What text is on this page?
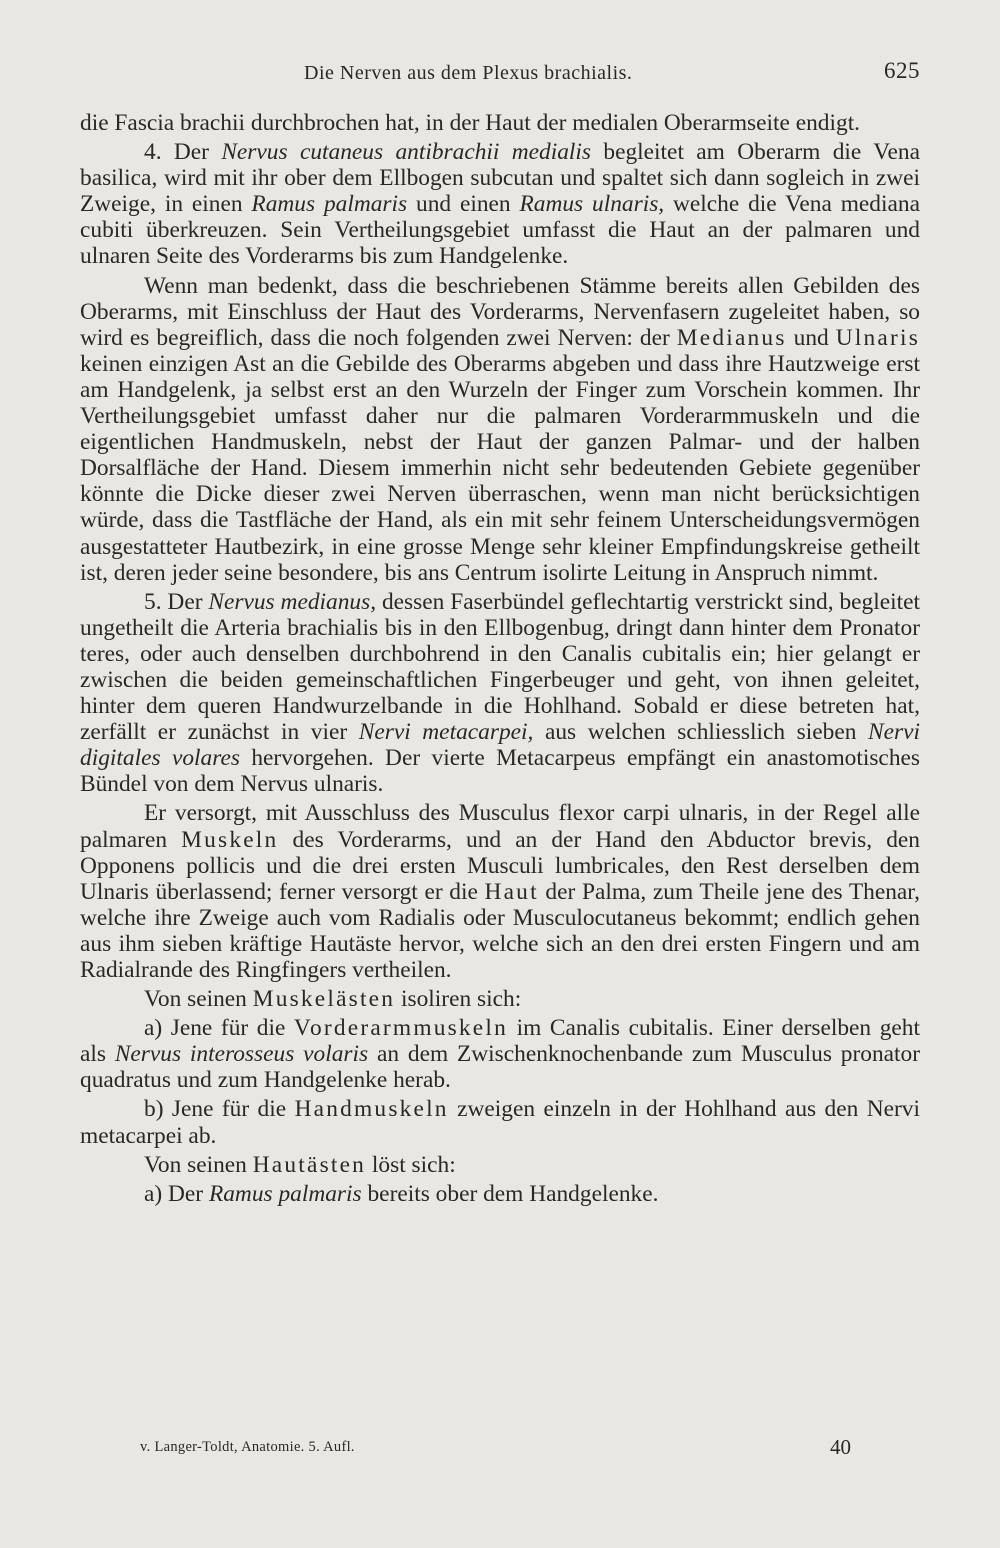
Die Nerven aus dem Plexus brachialis.	625

die Fascia brachii durchbrochen hat, in der Haut der medialen Oberarmseite endigt.

4. Der Nervus cutaneus antibrachii medialis begleitet am Oberarm die Vena basilica, wird mit ihr ober dem Ellbogen subcutan und spaltet sich dann sogleich in zwei Zweige, in einen Ramus palmaris und einen Ramus ulnaris, welche die Vena mediana cubiti überkreuzen. Sein Vertheilungsgebiet umfasst die Haut an der palmaren und ulnaren Seite des Vorderarms bis zum Handgelenke.

Wenn man bedenkt, dass die beschriebenen Stämme bereits allen Gebilden des Oberarms, mit Einschluss der Haut des Vorderarms, Nervenfasern zugeleitet haben, so wird es begreiflich, dass die noch folgenden zwei Nerven: der Medianus und Ulnaris keinen einzigen Ast an die Gebilde des Oberarms abgeben und dass ihre Hautzweige erst am Handgelenk, ja selbst erst an den Wurzeln der Finger zum Vorschein kommen. Ihr Vertheilungsgebiet umfasst daher nur die palmaren Vorderarmmuskeln und die eigentlichen Handmuskeln, nebst der Haut der ganzen Palmar- und der halben Dorsalfläche der Hand. Diesem immerhin nicht sehr bedeutenden Gebiete gegenüber könnte die Dicke dieser zwei Nerven überraschen, wenn man nicht berücksichtigen würde, dass die Tastfläche der Hand, als ein mit sehr feinem Unterscheidungsvermögen ausgestatteter Hautbezirk, in eine grosse Menge sehr kleiner Empfindungskreise getheilt ist, deren jeder seine besondere, bis ans Centrum isolirte Leitung in Anspruch nimmt.

5. Der Nervus medianus, dessen Faserbündel geflechtartig verstrickt sind, begleitet ungetheilt die Arteria brachialis bis in den Ellbogenbug, dringt dann hinter dem Pronator teres, oder auch denselben durchbohrend in den Canalis cubitalis ein; hier gelangt er zwischen die beiden gemeinschaftlichen Fingerbeuger und geht, von ihnen geleitet, hinter dem queren Handwurzelbande in die Hohlhand. Sobald er diese betreten hat, zerfällt er zunächst in vier Nervi metacarpei, aus welchen schliesslich sieben Nervi digitales volares hervorgehen. Der vierte Metacarpeus empfängt ein anastomotisches Bündel von dem Nervus ulnaris.

Er versorgt, mit Ausschluss des Musculus flexor carpi ulnaris, in der Regel alle palmaren Muskeln des Vorderarms, und an der Hand den Abductor brevis, den Opponens pollicis und die drei ersten Musculi lumbricales, den Rest derselben dem Ulnaris überlassend; ferner versorgt er die Haut der Palma, zum Theile jene des Thenar, welche ihre Zweige auch vom Radialis oder Musculocutaneus bekommt; endlich gehen aus ihm sieben kräftige Hautäste hervor, welche sich an den drei ersten Fingern und am Radialrande des Ringfingers vertheilen.

Von seinen Muskelästen isoliren sich:

a) Jene für die Vorderarmmuskeln im Canalis cubitalis. Einer derselben geht als Nervus interosseus volaris an dem Zwischenknochenbande zum Musculus pronator quadratus und zum Handgelenke herab.

b) Jene für die Handmuskeln zweigen einzeln in der Hohlhand aus den Nervi metacarpei ab.

Von seinen Hautästen löst sich:

a) Der Ramus palmaris bereits ober dem Handgelenke.

v. Langer-Toldt, Anatomie. 5. Aufl.	40
